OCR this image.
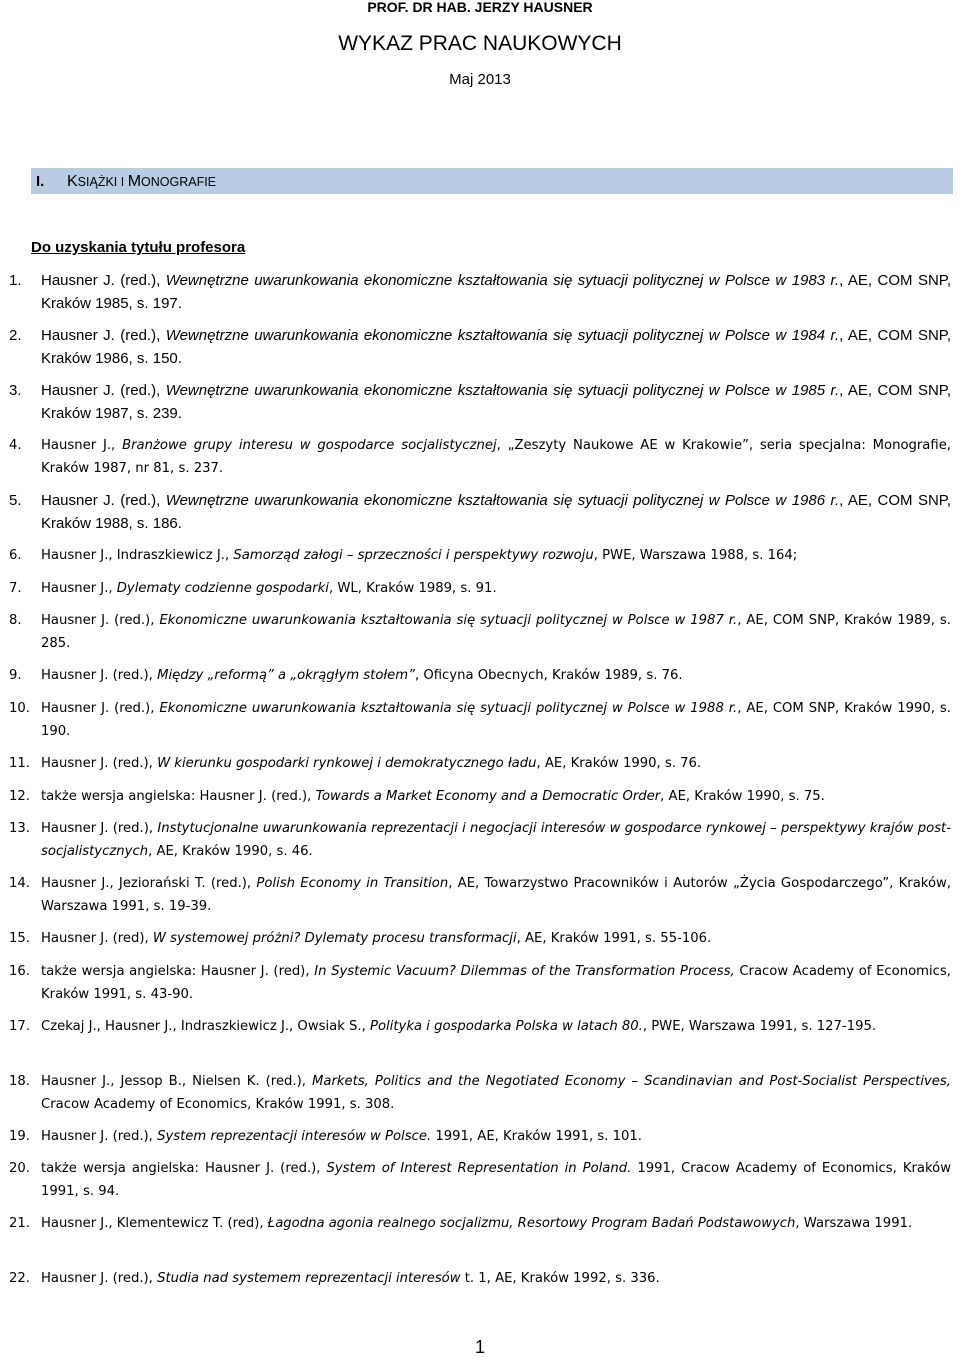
PROF. DR HAB. JERZY HAUSNER
WYKAZ PRAC NAUKOWYCH
Maj 2013
I. KSIĄŻKI I MONOGRAFIE
Do uzyskania tytułu profesora
1. Hausner J. (red.), Wewnętrzne uwarunkowania ekonomiczne kształtowania się sytuacji politycznej w Polsce w 1983 r., AE, COM SNP, Kraków 1985, s. 197.
2. Hausner J. (red.), Wewnętrzne uwarunkowania ekonomiczne kształtowania się sytuacji politycznej w Polsce w 1984 r., AE, COM SNP, Kraków 1986, s. 150.
3. Hausner J. (red.), Wewnętrzne uwarunkowania ekonomiczne kształtowania się sytuacji politycznej w Polsce w 1985 r., AE, COM SNP, Kraków 1987, s. 239.
4. Hausner J., Branżowe grupy interesu w gospodarce socjalistycznej, „Zeszyty Naukowe AE w Krakowie”, seria specjalna: Monografie, Kraków 1987, nr 81, s. 237.
5. Hausner J. (red.), Wewnętrzne uwarunkowania ekonomiczne kształtowania się sytuacji politycznej w Polsce w 1986 r., AE, COM SNP, Kraków 1988, s. 186.
6. Hausner J., Indraszkiewicz J., Samorząd załogi – sprzeczności i perspektywy rozwoju, PWE, Warszawa 1988, s. 164;
7. Hausner J., Dylematy codzienne gospodarki, WL, Kraków 1989, s. 91.
8. Hausner J. (red.), Ekonomiczne uwarunkowania kształtowania się sytuacji politycznej w Polsce w 1987 r., AE, COM SNP, Kraków 1989, s. 285.
9. Hausner J. (red.), Między „reformą” a „okrągłym stołem”, Oficyna Obecnych, Kraków 1989, s. 76.
10. Hausner J. (red.), Ekonomiczne uwarunkowania kształtowania się sytuacji politycznej w Polsce w 1988 r., AE, COM SNP, Kraków 1990, s. 190.
11. Hausner J. (red.), W kierunku gospodarki rynkowej i demokratycznego ładu, AE, Kraków 1990, s. 76.
12. także wersja angielska: Hausner J. (red.), Towards a Market Economy and a Democratic Order, AE, Kraków 1990, s. 75.
13. Hausner J. (red.), Instytucjonalne uwarunkowania reprezentacji i negocjacji interesów w gospodarce rynkowej – perspektywy krajów post-socjalistycznych, AE, Kraków 1990, s. 46.
14. Hausner J., Jeziorański T. (red.), Polish Economy in Transition, AE, Towarzystwo Pracowników i Autorów „Życia Gospodarczego”, Kraków, Warszawa 1991, s. 19-39.
15. Hausner J. (red), W systemowej próżni? Dylematy procesu transformacji, AE, Kraków 1991, s. 55-106.
16. także wersja angielska: Hausner J. (red), In Systemic Vacuum? Dilemmas of the Transformation Process, Cracow Academy of Economics, Kraków 1991, s. 43-90.
17. Czekaj J., Hausner J., Indraszkiewicz J., Owsiak S., Polityka i gospodarka Polska w latach 80., PWE, Warszawa 1991, s. 127-195.
18. Hausner J., Jessop B., Nielsen K. (red.), Markets, Politics and the Negotiated Economy – Scandinavian and Post-Socialist Perspectives, Cracow Academy of Economics, Kraków 1991, s. 308.
19. Hausner J. (red.), System reprezentacji interesów w Polsce. 1991, AE, Kraków 1991, s. 101.
20. także wersja angielska: Hausner J. (red.), System of Interest Representation in Poland. 1991, Cracow Academy of Economics, Kraków 1991, s. 94.
21. Hausner J., Klementewicz T. (red), Łagodna agonia realnego socjalizmu, Resortowy Program Badań Podstawowych, Warszawa 1991.
22. Hausner J. (red.), Studia nad systemem reprezentacji interesów t. 1, AE, Kraków 1992, s. 336.
1
